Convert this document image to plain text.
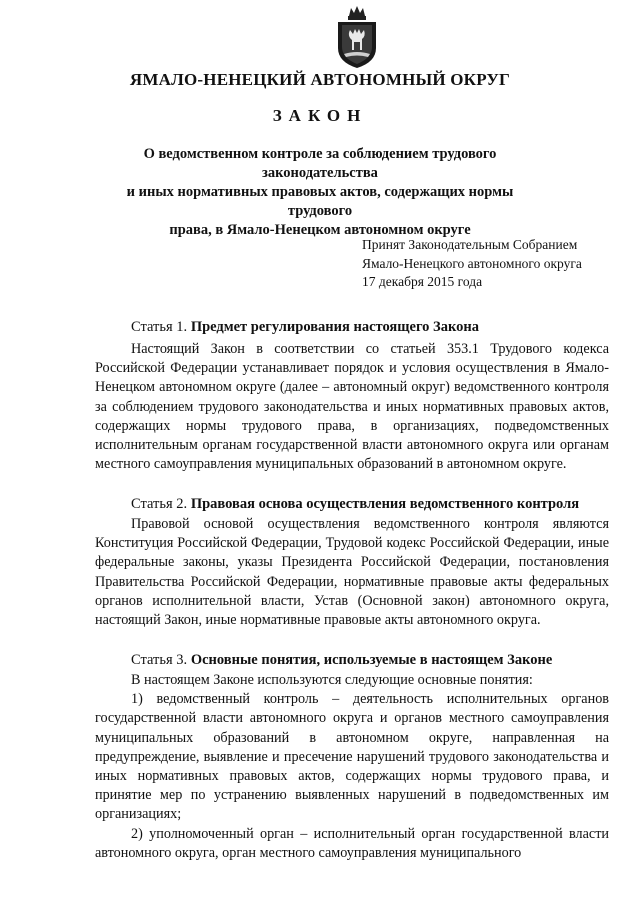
ЯМАЛО-НЕНЕЦКИЙ АВТОНОМНЫЙ ОКРУГ
ЗАКОН
О ведомственном контроле за соблюдением трудового законодательства
и иных нормативных правовых актов, содержащих нормы трудового
права, в Ямало-Ненецком автономном округе
Принят Законодательным Собранием
Ямало-Ненецкого автономного округа
17 декабря 2015 года
Статья 1. Предмет регулирования настоящего Закона

Настоящий Закон в соответствии со статьей 353.1 Трудового кодекса Российской Федерации устанавливает порядок и условия осуществления в Ямало-Ненецком автономном округе (далее – автономный округ) ведомственного контроля за соблюдением трудового законодательства и иных нормативных правовых актов, содержащих нормы трудового права, в организациях, подведомственных исполнительным органам государственной власти автономного округа или органам местного самоуправления муниципальных образований в автономном округе.

Статья 2. Правовая основа осуществления ведомственного контроля

Правовой основой осуществления ведомственного контроля являются Конституция Российской Федерации, Трудовой кодекс Российской Федерации, иные федеральные законы, указы Президента Российской Федерации, постановления Правительства Российской Федерации, нормативные правовые акты федеральных органов исполнительной власти, Устав (Основной закон) автономного округа, настоящий Закон, иные нормативные правовые акты автономного округа.

Статья 3. Основные понятия, используемые в настоящем Законе

В настоящем Законе используются следующие основные понятия:

1) ведомственный контроль – деятельность исполнительных органов государственной власти автономного округа и органов местного самоуправления муниципальных образований в автономном округе, направленная на предупреждение, выявление и пресечение нарушений трудового законодательства и иных нормативных правовых актов, содержащих нормы трудового права, и принятие мер по устранению выявленных нарушений в подведомственных им организациях;

2) уполномоченный орган – исполнительный орган государственной власти автономного округа, орган местного самоуправления муниципального
